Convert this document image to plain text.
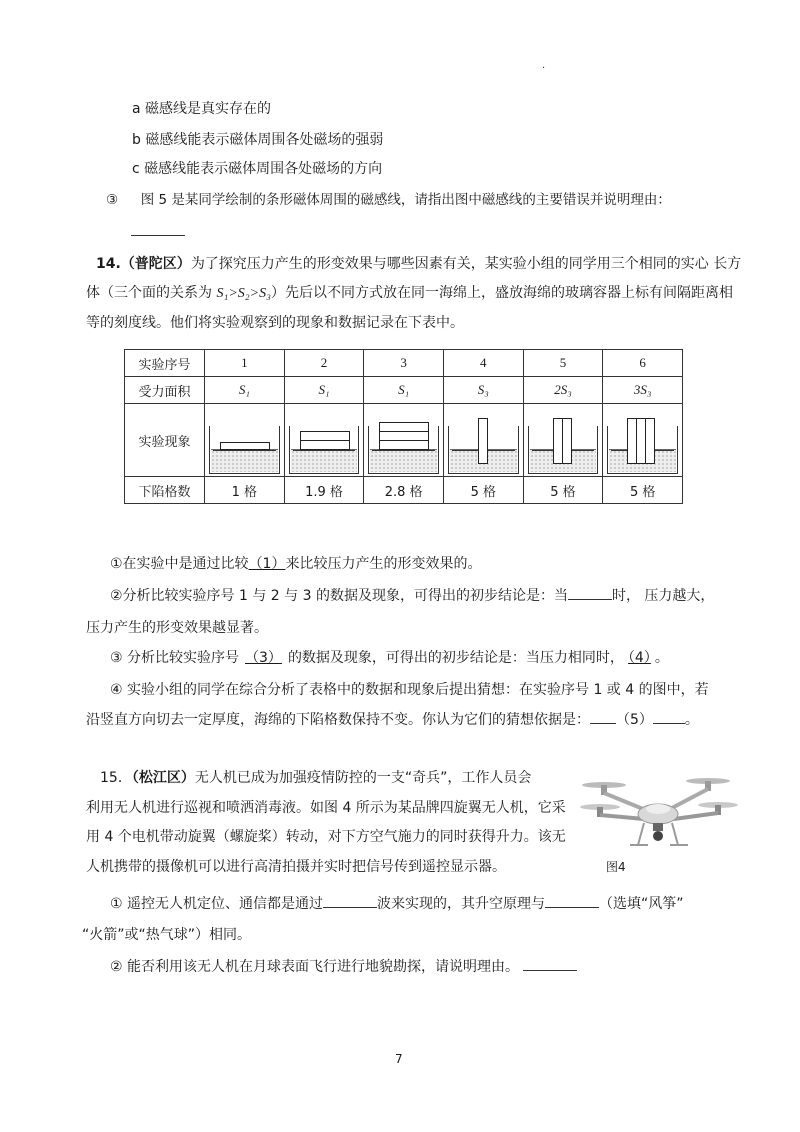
.
a 磁感线是真实存在的
b 磁感线能表示磁体周围各处磁场的强弱
c 磁感线能表示磁体周围各处磁场的方向
③ 图 5 是某同学绘制的条形磁体周围的磁感线，请指出图中磁感线的主要错误并说明理由：
14.（普陀区）为了探究压力产生的形变效果与哪些因素有关，某实验小组的同学用三个相同的实心 长方
体（三个面的关系为 S₁>S₂>S₃）先后以不同方式放在同一海绵上，盛放海绵的玻璃容器上标有间隔距离相
等的刻度线。他们将实验观察到的现象和数据记录在下表中。
实验序号	1	2	3	4	5	6
受力面积	S₁	S₁	S₁	S₃	2S₃	3S₃
实验现象	

下陷格数	1 格	1.9 格	2.8 格	5 格	5 格	5 格
①在实验中是通过比较（1）来比较压力产生的形变效果的。
②分析比较实验序号 1 与 2 与 3 的数据及现象，可得出的初步结论是：当	时， 压力越大，
压力产生的形变效果越显著。
③ 分析比较实验序号 （3） 的数据及现象，可得出的初步结论是：当压力相同时， （4） 。
④ 实验小组的同学在综合分析了表格中的数据和现象后提出猜想：在实验序号 1 或 4 的图中，若
沿竖直方向切去一定厚度，海绵的下陷格数保持不变。你认为它们的猜想依据是： （5） 。
15．（松江区）无人机已成为加强疫情防控的一支“奇兵”，工作人员会
利用无人机进行巡视和喷洒消毒液。如图 4 所示为某品牌四旋翼无人机，它采
用 4 个电机带动旋翼（螺旋桨）转动，对下方空气施力的同时获得升力。该无
人机携带的摄像机可以进行高清拍摄并实时把信号传到遥控显示器。	图4
① 遥控无人机定位、通信都是通过	波来实现的，其升空原理与	（选填“风筝”
“火箭”或“热气球”）相同。
② 能否利用该无人机在月球表面飞行进行地貌勘探，请说明理由。
7
